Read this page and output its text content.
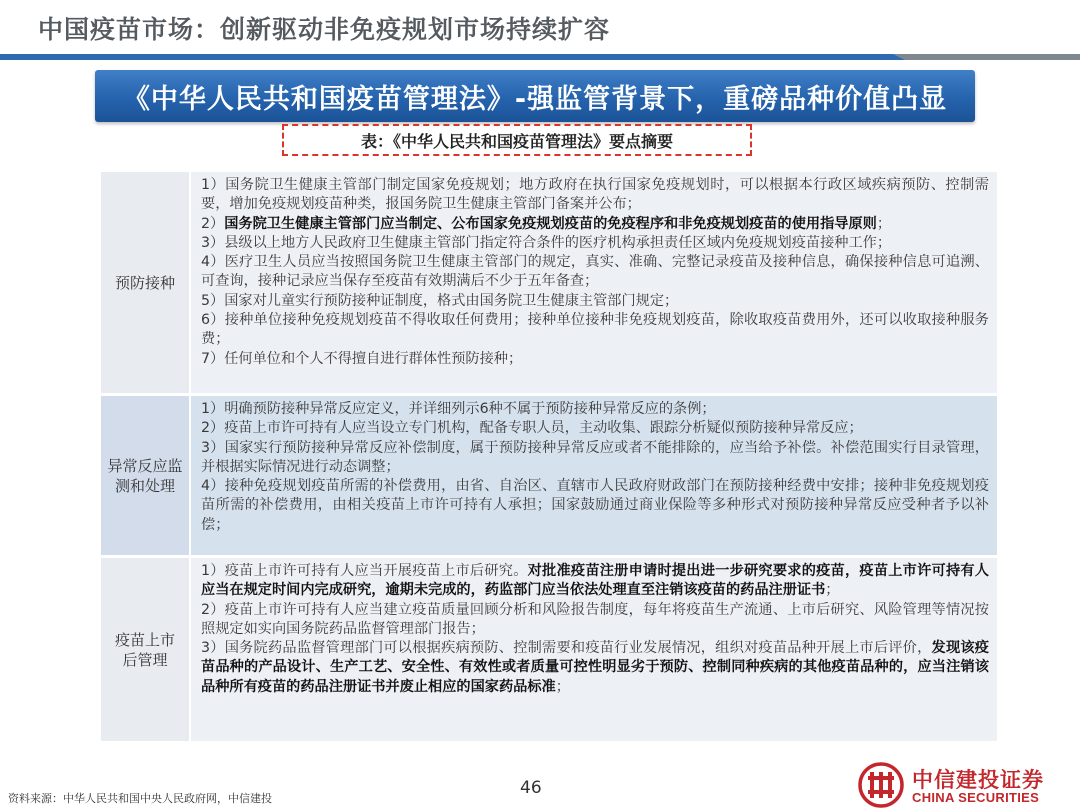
中国疫苗市场：创新驱动非免疫规划市场持续扩容
《中华人民共和国疫苗管理法》-强监管背景下，重磅品种价值凸显
表：《中华人民共和国疫苗管理法》要点摘要
预防接种

1）国务院卫生健康主管部门制定国家免疫规划；地方政府在执行国家免疫规划时，可以根据本行政区域疾病预防、控制需要，增加免疫规划疫苗种类，报国务院卫生健康主管部门备案并公布；

2）国务院卫生健康主管部门应当制定、公布国家免疫规划疫苗的免疫程序和非免疫规划疫苗的使用指导原则；

3）县级以上地方人民政府卫生健康主管部门指定符合条件的医疗机构承担责任区域内免疫规划疫苗接种工作；

4）医疗卫生人员应当按照国务院卫生健康主管部门的规定，真实、准确、完整记录疫苗及接种信息，确保接种信息可追溯、可查询，接种记录应当保存至疫苗有效期满后不少于五年备查；

5）国家对儿童实行预防接种证制度，格式由国务院卫生健康主管部门规定；

6）接种单位接种免疫规划疫苗不得收取任何费用；接种单位接种非免疫规划疫苗，除收取疫苗费用外，还可以收取接种服务费；

7）任何单位和个人不得擅自进行群体性预防接种；

异常反应监测和处理

1）明确预防接种异常反应定义，并详细列示6种不属于预防接种异常反应的条例；

2）疫苗上市许可持有人应当设立专门机构，配备专职人员，主动收集、跟踪分析疑似预防接种异常反应；

3）国家实行预防接种异常反应补偿制度，属于预防接种异常反应或者不能排除的，应当给予补偿。补偿范围实行目录管理，并根据实际情况进行动态调整；

4）接种免疫规划疫苗所需的补偿费用，由省、自治区、直辖市人民政府财政部门在预防接种经费中安排；接种非免疫规划疫苗所需的补偿费用，由相关疫苗上市许可持有人承担；国家鼓励通过商业保险等多种形式对预防接种异常反应受种者予以补偿；

疫苗上市后管理

1）疫苗上市许可持有人应当开展疫苗上市后研究。对批准疫苗注册申请时提出进一步研究要求的疫苗，疫苗上市许可持有人应当在规定时间内完成研究，逾期未完成的，药监部门应当依法处理直至注销该疫苗的药品注册证书；

2）疫苗上市许可持有人应当建立疫苗质量回顾分析和风险报告制度，每年将疫苗生产流通、上市后研究、风险管理等情况按照规定如实向国务院药品监督管理部门报告；

3）国务院药品监督管理部门可以根据疾病预防、控制需要和疫苗行业发展情况，组织对疫苗品种开展上市后评价，发现该疫苗品种的产品设计、生产工艺、安全性、有效性或者质量可控性明显劣于预防、控制同种疾病的其他疫苗品种的，应当注销该品种所有疫苗的药品注册证书并废止相应的国家药品标准；

资料来源：中华人民共和国中央人民政府网，中信建投
46	中信建投证券
CHINA SECURITIES
